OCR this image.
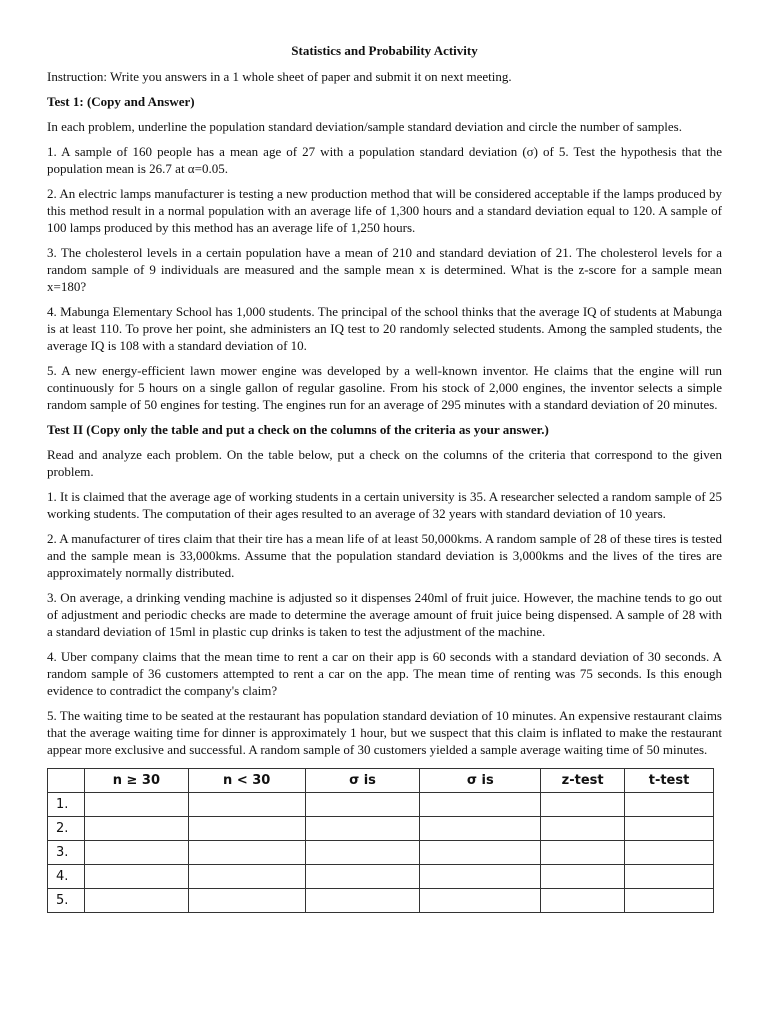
Statistics and Probability Activity
Instruction: Write you answers in a 1 whole sheet of paper and submit it on next meeting.
Test 1: (Copy and Answer)
In each problem, underline the population standard deviation/sample standard deviation and circle the number of samples.
1. A sample of 160 people has a mean age of 27 with a population standard deviation (σ) of 5. Test the hypothesis that the population mean is 26.7 at α=0.05.
2. An electric lamps manufacturer is testing a new production method that will be considered acceptable if the lamps produced by this method result in a normal population with an average life of 1,300 hours and a standard deviation equal to 120. A sample of 100 lamps produced by this method has an average life of 1,250 hours.
3. The cholesterol levels in a certain population have a mean of 210 and standard deviation of 21. The cholesterol levels for a random sample of 9 individuals are measured and the sample mean x is determined. What is the z-score for a sample mean x=180?
4. Mabunga Elementary School has 1,000 students. The principal of the school thinks that the average IQ of students at Mabunga is at least 110. To prove her point, she administers an IQ test to 20 randomly selected students. Among the sampled students, the average IQ is 108 with a standard deviation of 10.
5. A new energy-efficient lawn mower engine was developed by a well-known inventor. He claims that the engine will run continuously for 5 hours on a single gallon of regular gasoline. From his stock of 2,000 engines, the inventor selects a simple random sample of 50 engines for testing. The engines run for an average of 295 minutes with a standard deviation of 20 minutes.
Test II (Copy only the table and put a check on the columns of the criteria as your answer.)
Read and analyze each problem. On the table below, put a check on the columns of the criteria that correspond to the given problem.
1. It is claimed that the average age of working students in a certain university is 35. A researcher selected a random sample of 25 working students. The computation of their ages resulted to an average of 32 years with standard deviation of 10 years.
2. A manufacturer of tires claim that their tire has a mean life of at least 50,000kms. A random sample of 28 of these tires is tested and the sample mean is 33,000kms. Assume that the population standard deviation is 3,000kms and the lives of the tires are approximately normally distributed.
3. On average, a drinking vending machine is adjusted so it dispenses 240ml of fruit juice. However, the machine tends to go out of adjustment and periodic checks are made to determine the average amount of fruit juice being dispensed. A sample of 28 with a standard deviation of 15ml in plastic cup drinks is taken to test the adjustment of the machine.
4. Uber company claims that the mean time to rent a car on their app is 60 seconds with a standard deviation of 30 seconds. A random sample of 36 customers attempted to rent a car on the app. The mean time of renting was 75 seconds. Is this enough evidence to contradict the company's claim?
5. The waiting time to be seated at the restaurant has population standard deviation of 10 minutes. An expensive restaurant claims that the average waiting time for dinner is approximately 1 hour, but we suspect that this claim is inflated to make the restaurant appear more exclusive and successful. A random sample of 30 customers yielded a sample average waiting time of 50 minutes.
	n ≥ 30	n < 30	σ is	σ is	z-test	t-test
1.						
2.						
3.						
4.						
5.						
